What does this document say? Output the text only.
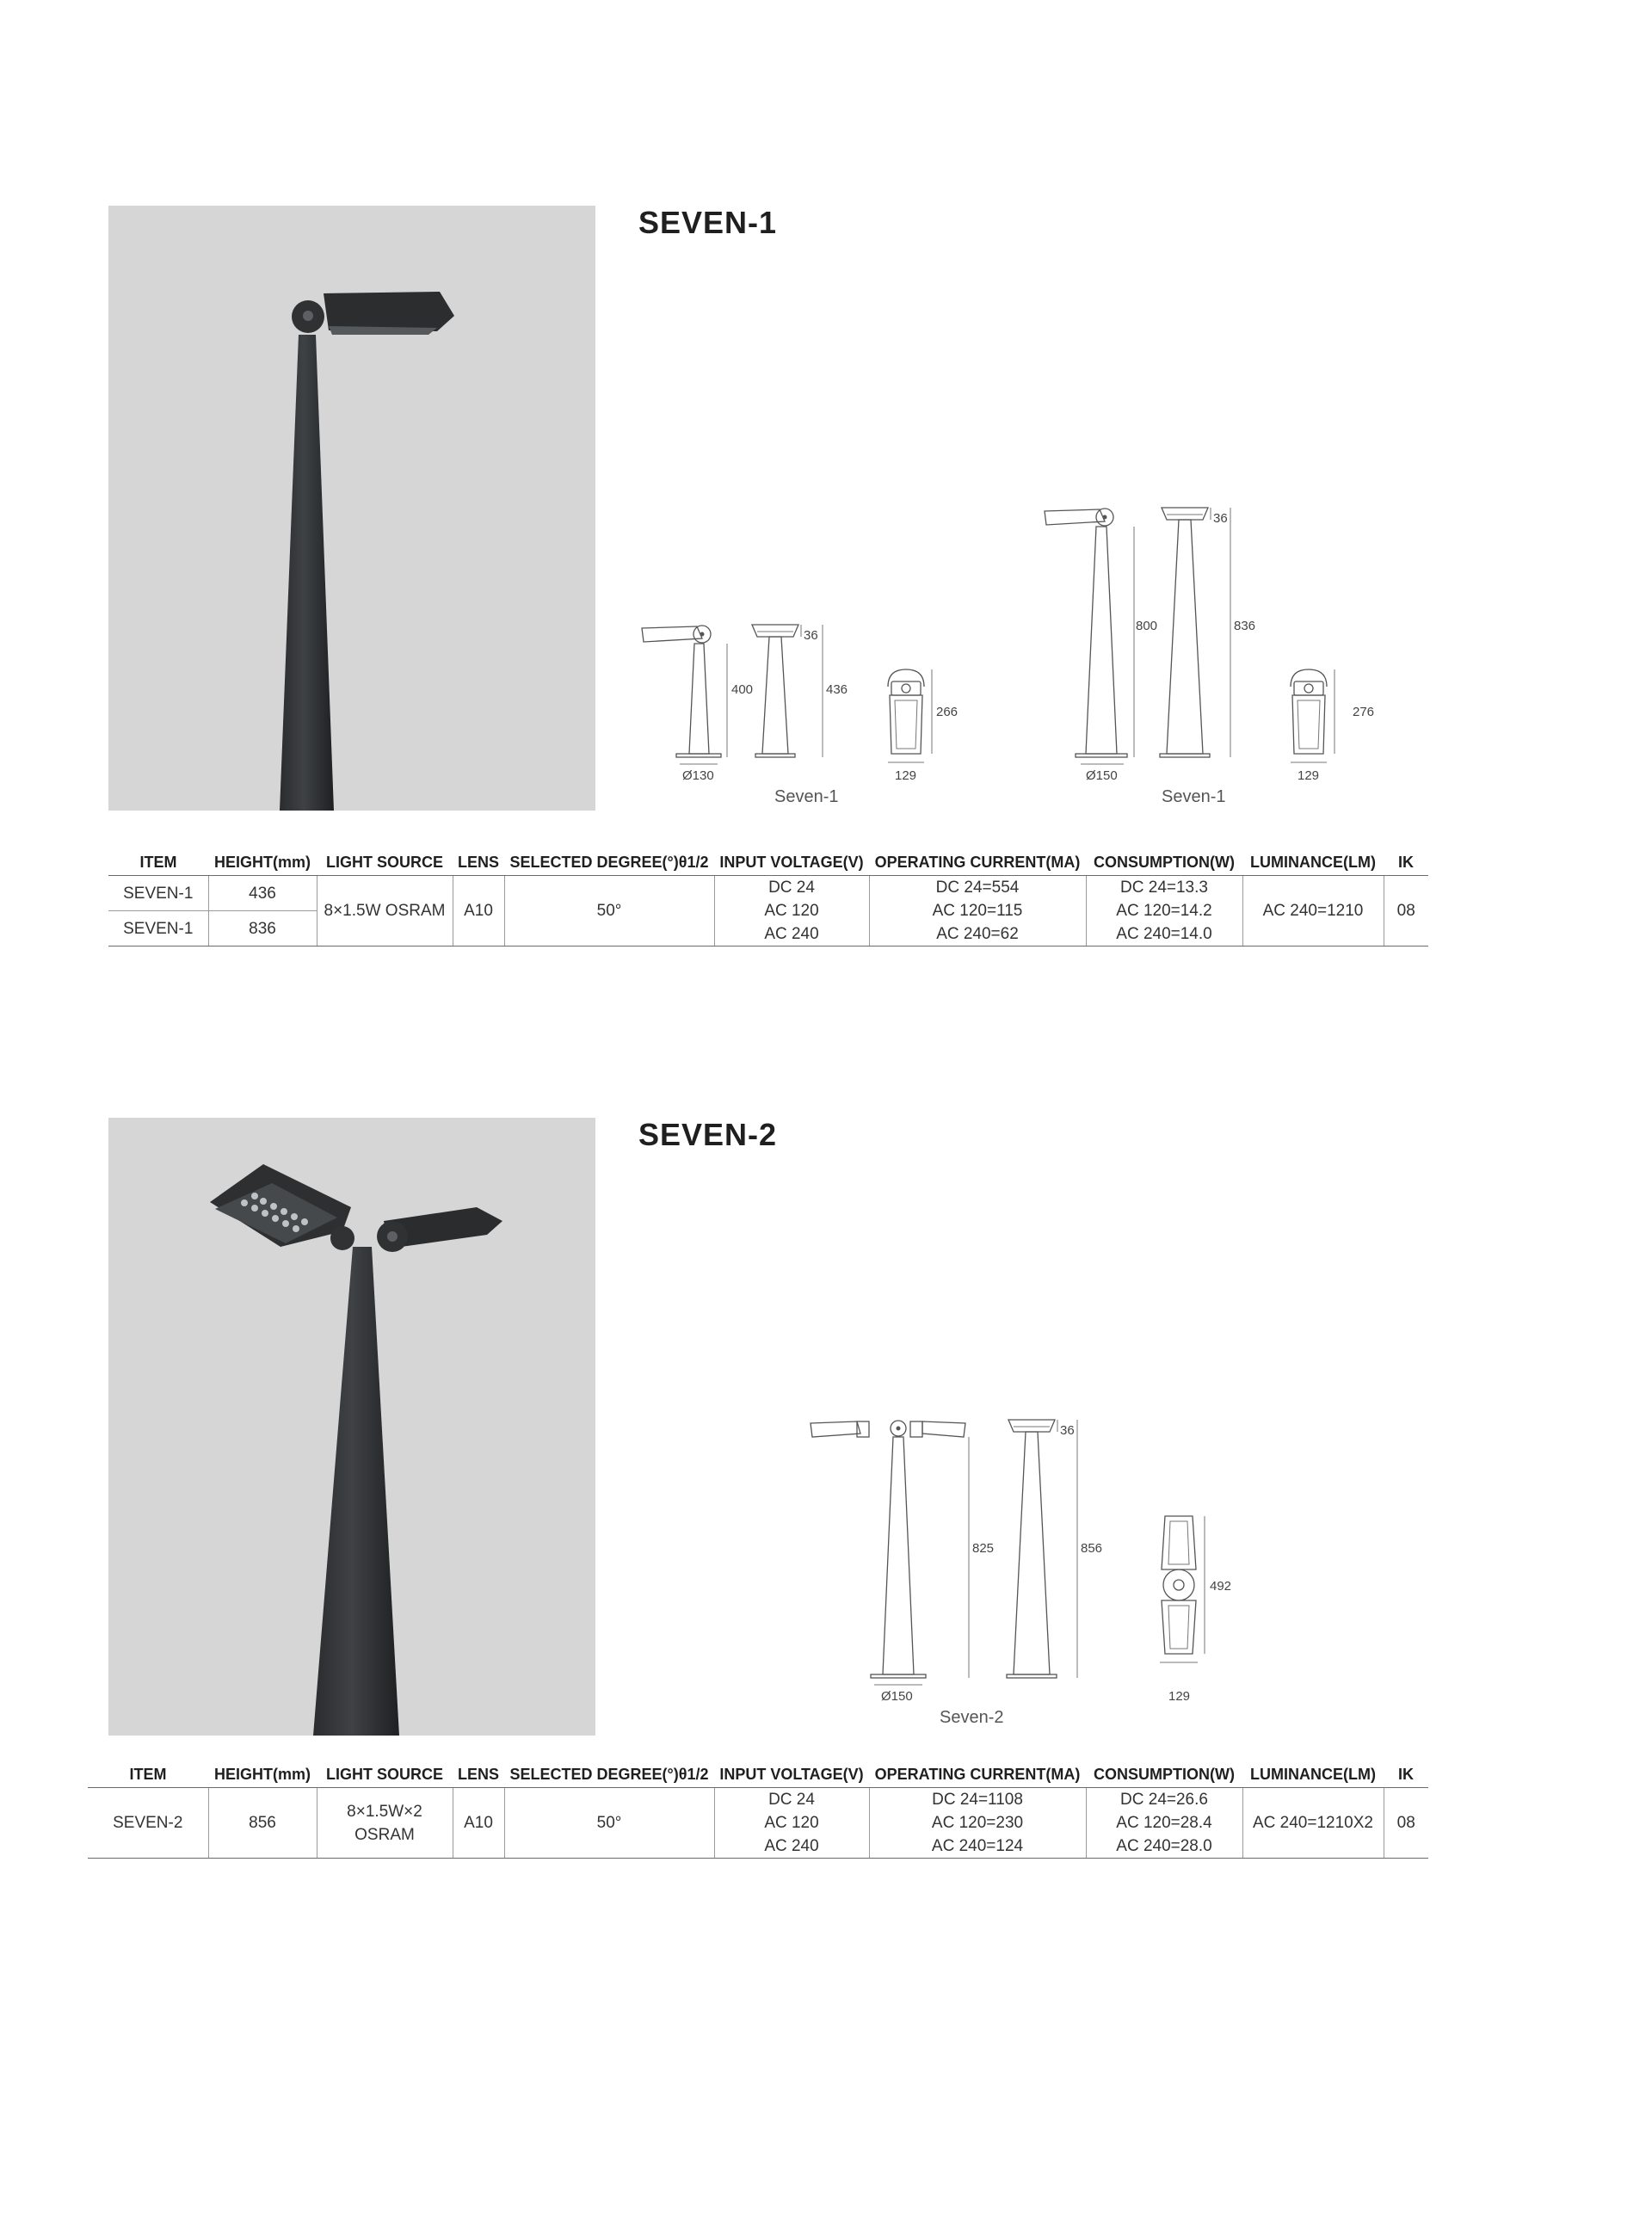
SEVEN-1
400
Ø130
36
436
266
129
Seven-1
800
Ø150
36
836
276
129
Seven-1
ITEM	HEIGHT(mm)	LIGHT SOURCE	LENS	SELECTED DEGREE(°)θ1/2	INPUT VOLTAGE(V)	OPERATING CURRENT(MA)	CONSUMPTION(W)	LUMINANCE(LM)	IK
SEVEN-1	436	8×1.5W OSRAM	A10	50°	DC 24
AC 120
AC 240	DC 24=554
AC 120=115
AC 240=62	DC 24=13.3
AC 120=14.2
AC 240=14.0	AC 240=1210	08
SEVEN-1	836								
SEVEN-2
825
Ø150
36
856
492
129
Seven-2
ITEM	HEIGHT(mm)	LIGHT SOURCE	LENS	SELECTED DEGREE(°)θ1/2	INPUT VOLTAGE(V)	OPERATING CURRENT(MA)	CONSUMPTION(W)	LUMINANCE(LM)	IK
SEVEN-2	856	8×1.5W×2
OSRAM	A10	50°	DC 24
AC 120
AC 240	DC 24=1108
AC 120=230
AC 240=124	DC 24=26.6
AC 120=28.4
AC 240=28.0	AC 240=1210X2	08
